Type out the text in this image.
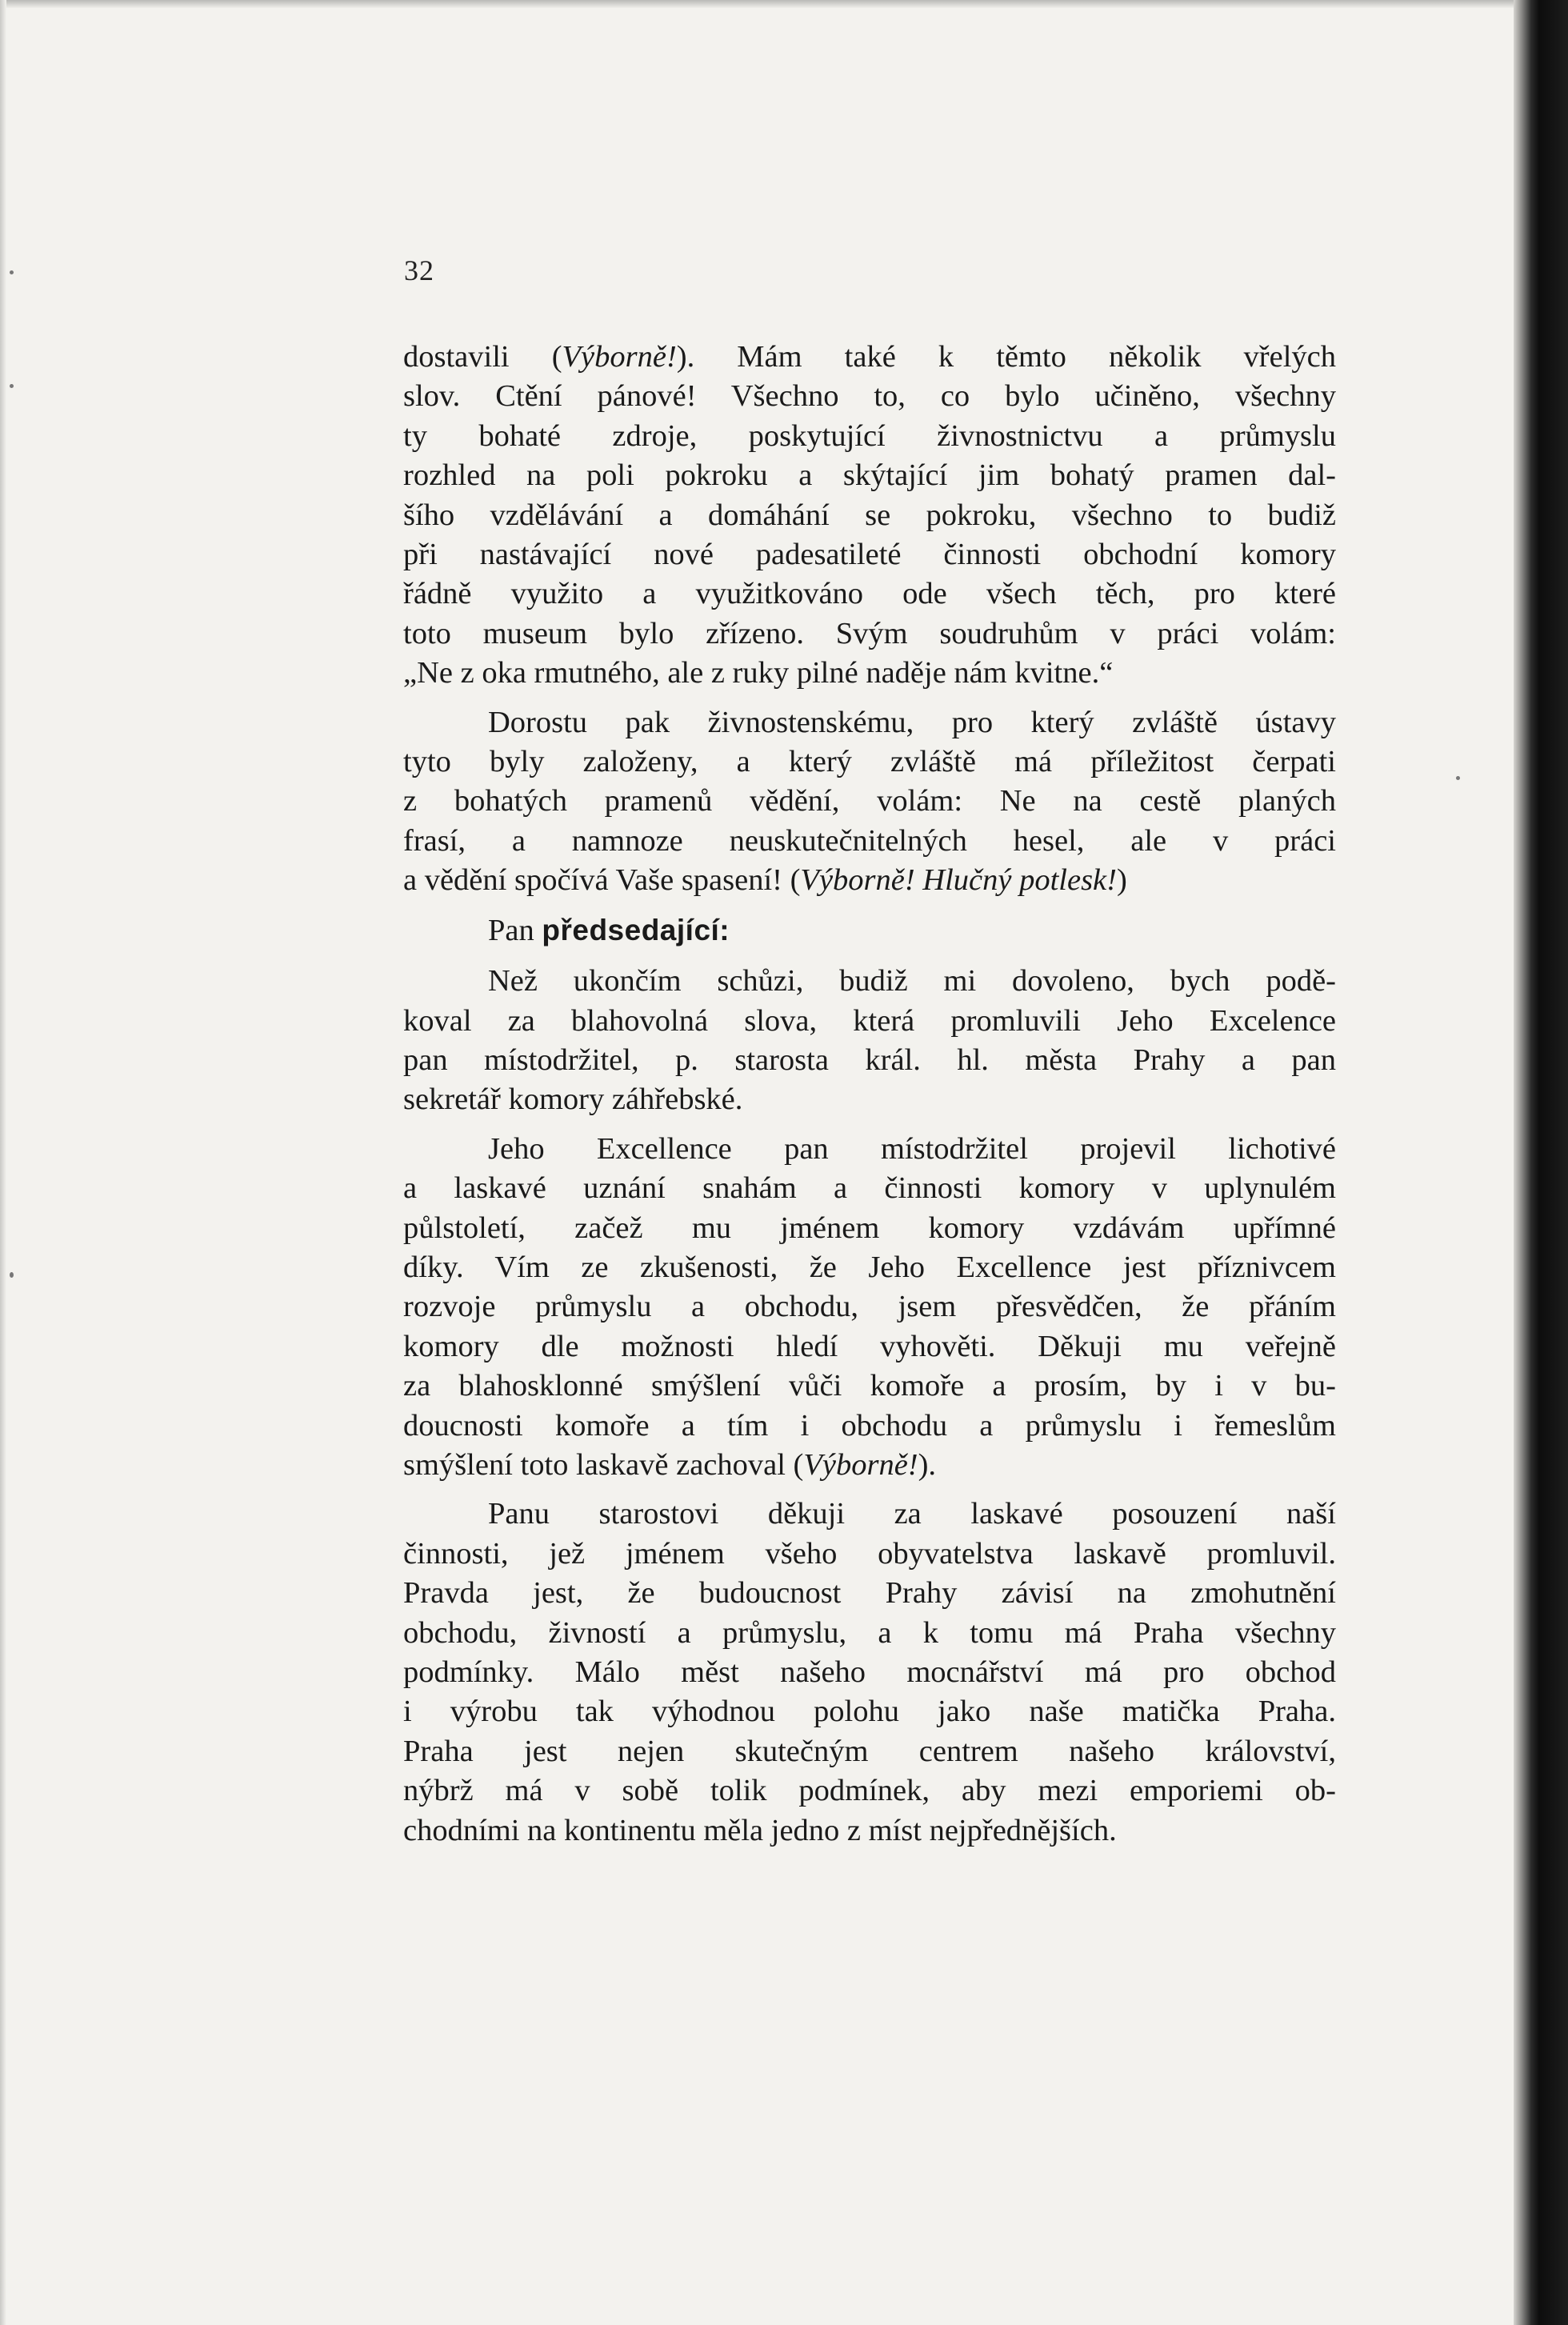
32
dostavili (Výborně!). Mám také k těmto několik vřelých
slov. Ctění pánové! Všechno to, co bylo učiněno, všechny
ty bohaté zdroje, poskytující živnostnictvu a průmyslu
rozhled na poli pokroku a skýtající jim bohatý pramen dal-
šího vzdělávání a domáhání se pokroku, všechno to budiž
při nastávající nové padesatileté činnosti obchodní komory
řádně využito a využitkováno ode všech těch, pro které
toto museum bylo zřízeno. Svým soudruhům v práci volám:
„Ne z oka rmutného, ale z ruky pilné naděje nám kvitne.“
Dorostu pak živnostenskému, pro který zvláště ústavy
tyto byly založeny, a který zvláště má příležitost čerpati
z bohatých pramenů vědění, volám: Ne na cestě planých
frasí, a namnoze neuskutečnitelných hesel, ale v práci
a vědění spočívá Vaše spasení! (Výborně! Hlučný potlesk!)
Pan předsedající:
Než ukončím schůzi, budiž mi dovoleno, bych podě-
koval za blahovolná slova, která promluvili Jeho Excelence
pan místodržitel, p. starosta král. hl. města Prahy a pan
sekretář komory záhřebské.
Jeho Excellence pan místodržitel projevil lichotivé
a laskavé uznání snahám a činnosti komory v uplynulém
půlstoletí, začež mu jménem komory vzdávám upřímné
díky. Vím ze zkušenosti, že Jeho Excellence jest příznivcem
rozvoje průmyslu a obchodu, jsem přesvědčen, že přáním
komory dle možnosti hledí vyhověti. Děkuji mu veřejně
za blahosklonné smýšlení vůči komoře a prosím, by i v bu-
doucnosti komoře a tím i obchodu a průmyslu i řemeslům
smýšlení toto laskavě zachoval (Výborně!).
Panu starostovi děkuji za laskavé posouzení naší
činnosti, jež jménem všeho obyvatelstva laskavě promluvil.
Pravda jest, že budoucnost Prahy závisí na zmohutnění
obchodu, živností a průmyslu, a k tomu má Praha všechny
podmínky. Málo měst našeho mocnářství má pro obchod
i výrobu tak výhodnou polohu jako naše matička Praha.
Praha jest nejen skutečným centrem našeho království,
nýbrž má v sobě tolik podmínek, aby mezi emporiemi ob-
chodními na kontinentu měla jedno z míst nejpřednějších.
